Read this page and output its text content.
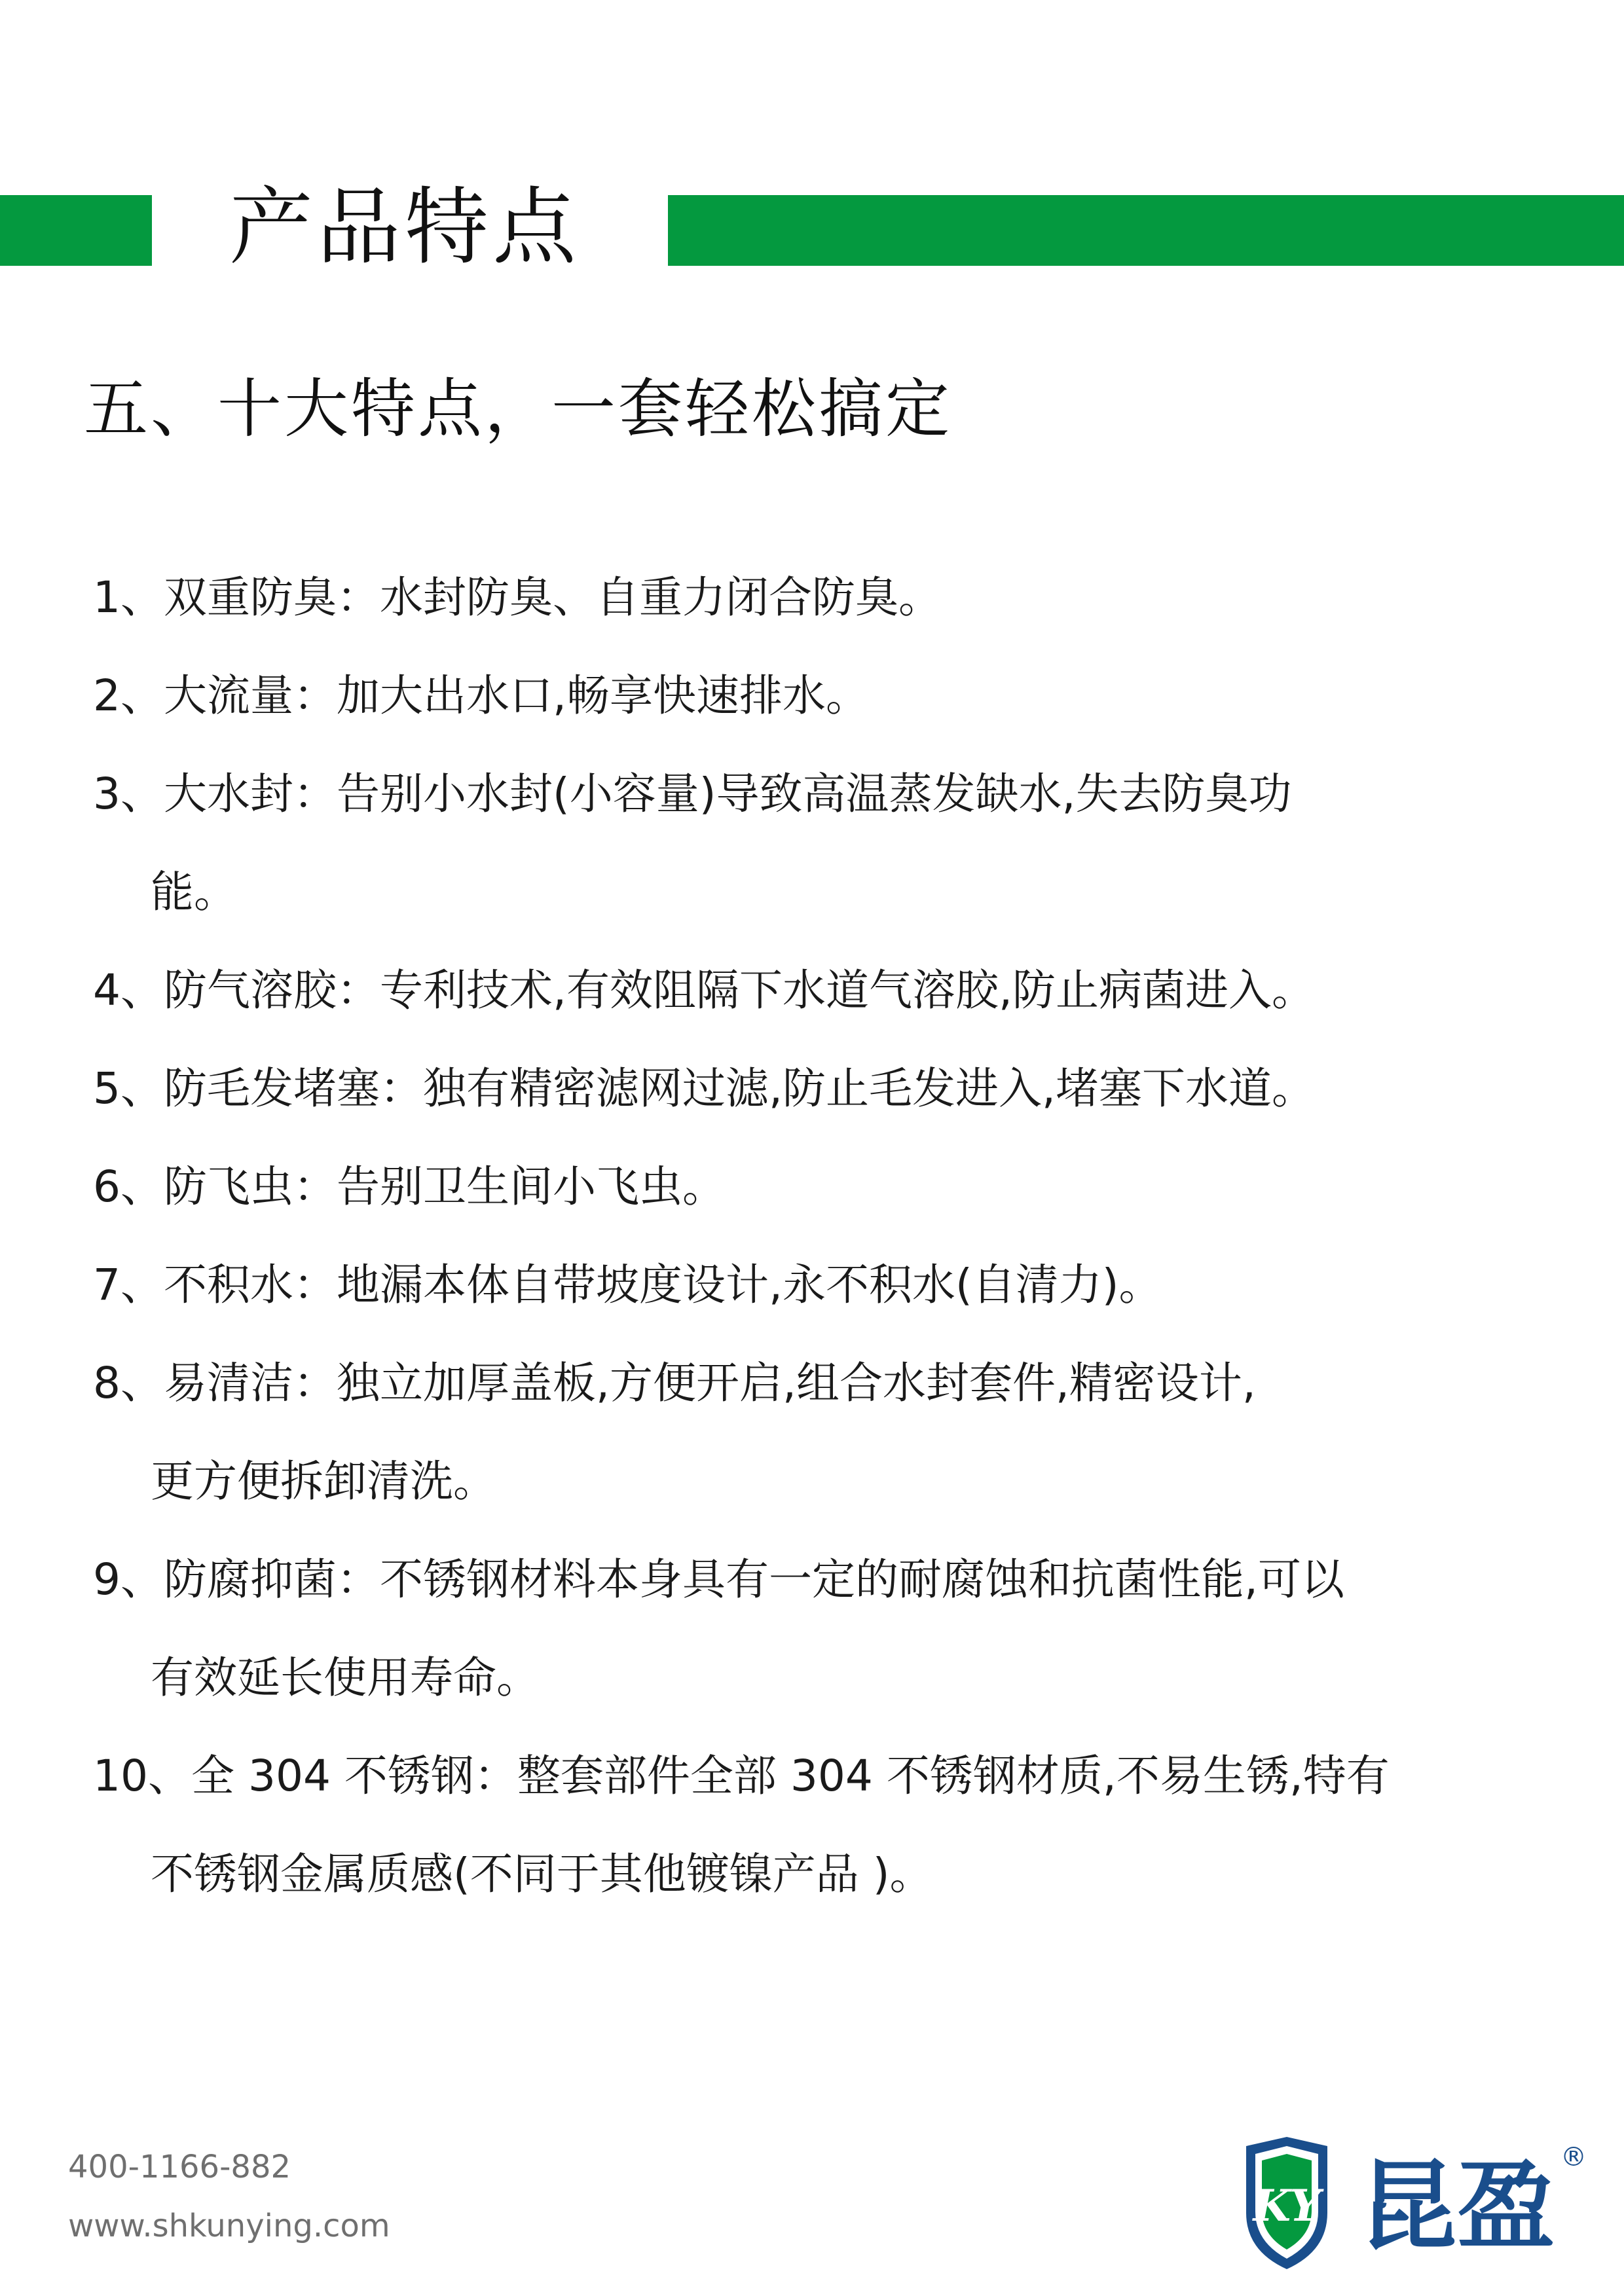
产品特点
五、十大特点，一套轻松搞定
1、双重防臭：水封防臭、自重力闭合防臭。
2、大流量：加大出水口,畅享快速排水。
3、大水封：告别小水封(小容量)导致高温蒸发缺水,失去防臭功
能。
4、防气溶胶：专利技术,有效阻隔下水道气溶胶,防止病菌进入。
5、防毛发堵塞：独有精密滤网过滤,防止毛发进入,堵塞下水道。
6、防飞虫：告别卫生间小飞虫。
7、不积水：地漏本体自带坡度设计,永不积水(自清力)。
8、易清洁：独立加厚盖板,方便开启,组合水封套件,精密设计,
更方便拆卸清洗。
9、防腐抑菌：不锈钢材料本身具有一定的耐腐蚀和抗菌性能,可以
有效延长使用寿命。
10、全 304 不锈钢：整套部件全部 304 不锈钢材质,不易生锈,特有
不锈钢金属质感(不同于其他镀镍产品 )。
400-1166-882
www.shkunying.com	KY 昆盈 ®
